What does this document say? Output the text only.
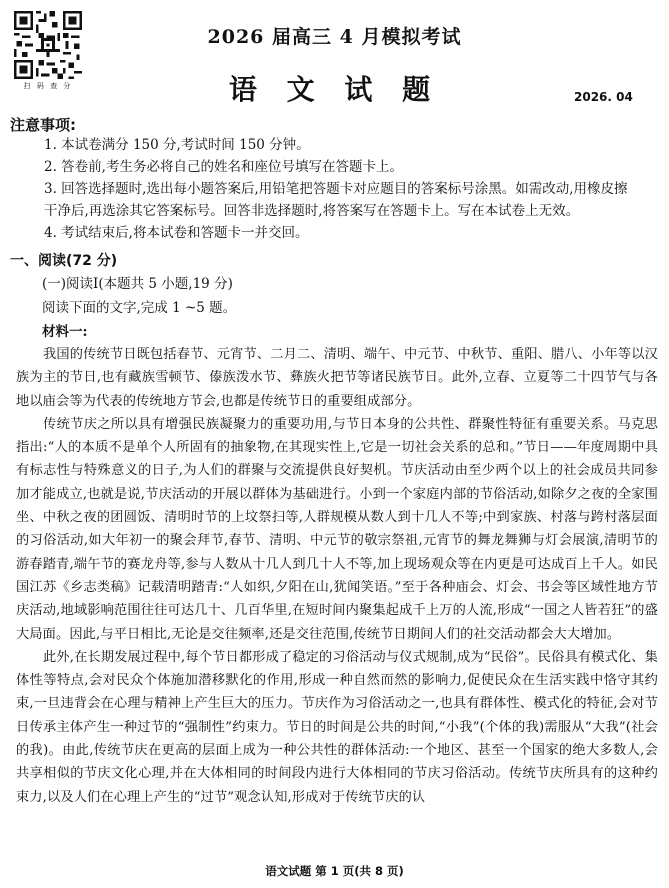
扫 码 查 分
2026 届高三 4 月模拟考试
语 文 试 题	2026. 04
注意事项:
1. 本试卷满分 150 分,考试时间 150 分钟。
2. 答卷前,考生务必将自己的姓名和座位号填写在答题卡上。
3. 回答选择题时,选出每小题答案后,用铅笔把答题卡对应题目的答案标号涂黑。如需改动,用橡皮擦
干净后,再选涂其它答案标号。回答非选择题时,将答案写在答题卡上。写在本试卷上无效。
4. 考试结束后,将本试卷和答题卡一并交回。
一、阅读(72 分)
(一)阅读Ⅰ(本题共 5 小题,19 分)
阅读下面的文字,完成 1 ~5 题。
材料一:

我国的传统节日既包括春节、元宵节、二月二、清明、端午、中元节、中秋节、重阳、腊八、小年等以汉族为主的节日,也有藏族雪顿节、傣族泼水节、彝族火把节等诸民族节日。此外,立春、立夏等二十四节气与各地以庙会等为代表的传统地方节会,也都是传统节日的重要组成部分。

传统节庆之所以具有增强民族凝聚力的重要功用,与节日本身的公共性、群聚性特征有重要关系。马克思指出:“人的本质不是单个人所固有的抽象物,在其现实性上,它是一切社会关系的总和。”节日——年度周期中具有标志性与特殊意义的日子,为人们的群聚与交流提供良好契机。节庆活动由至少两个以上的社会成员共同参加才能成立,也就是说,节庆活动的开展以群体为基础进行。小到一个家庭内部的节俗活动,如除夕之夜的全家围坐、中秋之夜的团圆饭、清明时节的上坟祭扫等,人群规模从数人到十几人不等;中到家族、村落与跨村落层面的习俗活动,如大年初一的聚会拜节,春节、清明、中元节的敬宗祭祖,元宵节的舞龙舞狮与灯会展演,清明节的游春踏青,端午节的赛龙舟等,参与人数从十几人到几十人不等,加上现场观众等在内更是可达成百上千人。如民国江苏《乡志类稿》记载清明踏青:“人如织,夕阳在山,犹闻笑语。”至于各种庙会、灯会、书会等区域性地方节庆活动,地域影响范围往往可达几十、几百华里,在短时间内聚集起成千上万的人流,形成“一国之人皆若狂”的盛大局面。因此,与平日相比,无论是交往频率,还是交往范围,传统节日期间人们的社交活动都会大大增加。

此外,在长期发展过程中,每个节日都形成了稳定的习俗活动与仪式规制,成为“民俗”。民俗具有模式化、集体性等特点,会对民众个体施加潜移默化的作用,形成一种自然而然的影响力,促使民众在生活实践中恪守其约束,一旦违背会在心理与精神上产生巨大的压力。节庆作为习俗活动之一,也具有群体性、模式化的特征,会对节日传承主体产生一种过节的“强制性”约束力。节日的时间是公共的时间,“小我”(个体的我)需服从“大我”(社会的我)。由此,传统节庆在更高的层面上成为一种公共性的群体活动:一个地区、甚至一个国家的绝大多数人,会共享相似的节庆文化心理,并在大体相同的时间段内进行大体相同的节庆习俗活动。传统节庆所具有的这种约束力,以及人们在心理上产生的“过节”观念认知,形成对于传统节庆的认

语文试题 第 1 页(共 8 页)
